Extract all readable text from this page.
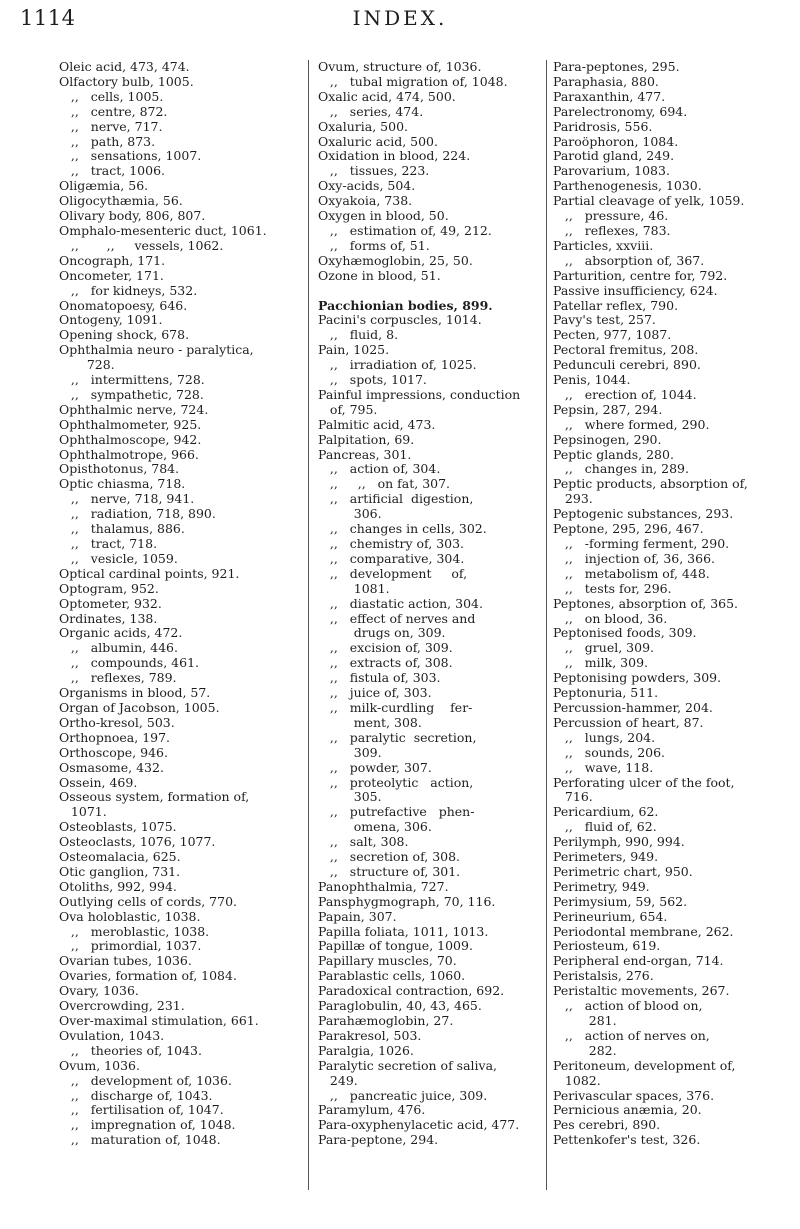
1114	INDEX.

Oleic acid, 473, 474.

Olfactory bulb, 1005.

,,   cells, 1005.

,,   centre, 872.

,,   nerve, 717.

,,   path, 873.

,,   sensations, 1007.

,,   tract, 1006.

Oligæmia, 56.

Oligocythæmia, 56.

Olivary body, 806, 807.

Omphalo-mesenteric duct, 1061.

,,       ,,     vessels, 1062.

Oncograph, 171.

Oncometer, 171.

,,   for kidneys, 532.

Onomatopoesy, 646.

Ontogeny, 1091.

Opening shock, 678.

Ophthalmia neuro - paralytica,

728.

,,   intermittens, 728.

,,   sympathetic, 728.

Ophthalmic nerve, 724.

Ophthalmometer, 925.

Ophthalmoscope, 942.

Ophthalmotrope, 966.

Opisthotonus, 784.

Optic chiasma, 718.

,,   nerve, 718, 941.

,,   radiation, 718, 890.

,,   thalamus, 886.

,,   tract, 718.

,,   vesicle, 1059.

Optical cardinal points, 921.

Optogram, 952.

Optometer, 932.

Ordinates, 138.

Organic acids, 472.

,,   albumin, 446.

,,   compounds, 461.

,,   reflexes, 789.

Organisms in blood, 57.

Organ of Jacobson, 1005.

Ortho-kresol, 503.

Orthopnoea, 197.

Orthoscope, 946.

Osmasome, 432.

Ossein, 469.

Osseous system, formation of,

1071.

Osteoblasts, 1075.

Osteoclasts, 1076, 1077.

Osteomalacia, 625.

Otic ganglion, 731.

Otoliths, 992, 994.

Outlying cells of cords, 770.

Ova holoblastic, 1038.

,,   meroblastic, 1038.

,,   primordial, 1037.

Ovarian tubes, 1036.

Ovaries, formation of, 1084.

Ovary, 1036.

Overcrowding, 231.

Over-maximal stimulation, 661.

Ovulation, 1043.

,,   theories of, 1043.

Ovum, 1036.

,,   development of, 1036.

,,   discharge of, 1043.

,,   fertilisation of, 1047.

,,   impregnation of, 1048.

,,   maturation of, 1048.

Ovum, structure of, 1036.

,,   tubal migration of, 1048.

Oxalic acid, 474, 500.

,,   series, 474.

Oxaluria, 500.

Oxaluric acid, 500.

Oxidation in blood, 224.

,,   tissues, 223.

Oxy-acids, 504.

Oxyakoia, 738.

Oxygen in blood, 50.

,,   estimation of, 49, 212.

,,   forms of, 51.

Oxyhæmoglobin, 25, 50.

Ozone in blood, 51.

Pacchionian bodies, 899.

Pacini's corpuscles, 1014.

,,   fluid, 8.

Pain, 1025.

,,   irradiation of, 1025.

,,   spots, 1017.

Painful impressions, conduction

of, 795.

Palmitic acid, 473.

Palpitation, 69.

Pancreas, 301.

,,   action of, 304.

,,     ,,   on fat, 307.

,,   artificial  digestion,

306.

,,   changes in cells, 302.

,,   chemistry of, 303.

,,   comparative, 304.

,,   development     of,

1081.

,,   diastatic action, 304.

,,   effect of nerves and

drugs on, 309.

,,   excision of, 309.

,,   extracts of, 308.

,,   fistula of, 303.

,,   juice of, 303.

,,   milk-curdling    fer-

ment, 308.

,,   paralytic  secretion,

309.

,,   powder, 307.

,,   proteolytic   action,

305.

,,   putrefactive   phen-

omena, 306.

,,   salt, 308.

,,   secretion of, 308.

,,   structure of, 301.

Panophthalmia, 727.

Pansphygmograph, 70, 116.

Papain, 307.

Papilla foliata, 1011, 1013.

Papillæ of tongue, 1009.

Papillary muscles, 70.

Parablastic cells, 1060.

Paradoxical contraction, 692.

Paraglobulin, 40, 43, 465.

Parahæmoglobin, 27.

Parakresol, 503.

Paralgia, 1026.

Paralytic secretion of saliva,

249.

,,   pancreatic juice, 309.

Paramylum, 476.

Para-oxyphenylacetic acid, 477.

Para-peptone, 294.

Para-peptones, 295.

Paraphasia, 880.

Paraxanthin, 477.

Parelectronomy, 694.

Paridrosis, 556.

Paroöphoron, 1084.

Parotid gland, 249.

Parovarium, 1083.

Parthenogenesis, 1030.

Partial cleavage of yelk, 1059.

,,   pressure, 46.

,,   reflexes, 783.

Particles, xxviii.

,,   absorption of, 367.

Parturition, centre for, 792.

Passive insufficiency, 624.

Patellar reflex, 790.

Pavy's test, 257.

Pecten, 977, 1087.

Pectoral fremitus, 208.

Pedunculi cerebri, 890.

Penis, 1044.

,,   erection of, 1044.

Pepsin, 287, 294.

,,   where formed, 290.

Pepsinogen, 290.

Peptic glands, 280.

,,   changes in, 289.

Peptic products, absorption of,

293.

Peptogenic substances, 293.

Peptone, 295, 296, 467.

,,   -forming ferment, 290.

,,   injection of, 36, 366.

,,   metabolism of, 448.

,,   tests for, 296.

Peptones, absorption of, 365.

,,   on blood, 36.

Peptonised foods, 309.

,,   gruel, 309.

,,   milk, 309.

Peptonising powders, 309.

Peptonuria, 511.

Percussion-hammer, 204.

Percussion of heart, 87.

,,   lungs, 204.

,,   sounds, 206.

,,   wave, 118.

Perforating ulcer of the foot,

716.

Pericardium, 62.

,,   fluid of, 62.

Perilymph, 990, 994.

Perimeters, 949.

Perimetric chart, 950.

Perimetry, 949.

Perimysium, 59, 562.

Perineurium, 654.

Periodontal membrane, 262.

Periosteum, 619.

Peripheral end-organ, 714.

Peristalsis, 276.

Peristaltic movements, 267.

,,   action of blood on,

281.

,,   action of nerves on,

282.

Peritoneum, development of,

1082.

Perivascular spaces, 376.

Pernicious anæmia, 20.

Pes cerebri, 890.

Pettenkofer's test, 326.
